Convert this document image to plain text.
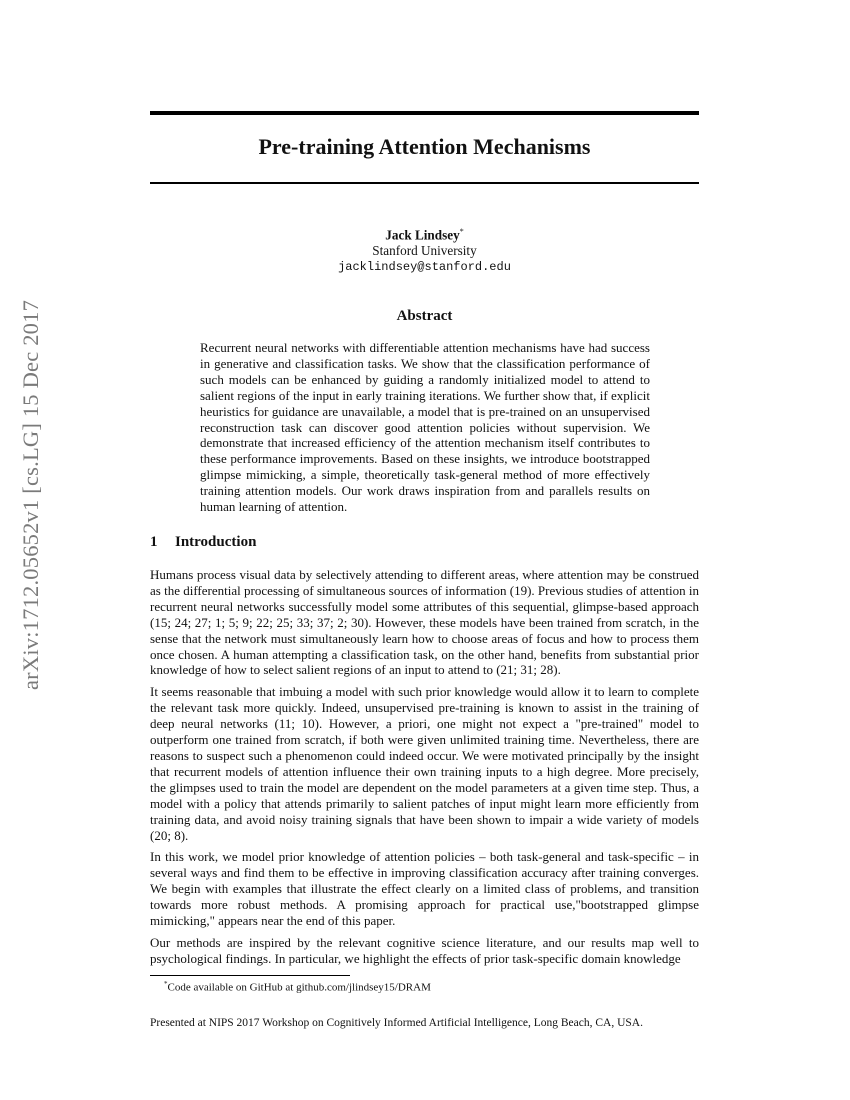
arXiv:1712.05652v1 [cs.LG] 15 Dec 2017
Pre-training Attention Mechanisms
Jack Lindsey*
Stanford University
jacklindsey@stanford.edu
Abstract

Recurrent neural networks with differentiable attention mechanisms have had success in generative and classification tasks. We show that the classification performance of such models can be enhanced by guiding a randomly initialized model to attend to salient regions of the input in early training iterations. We further show that, if explicit heuristics for guidance are unavailable, a model that is pre-trained on an unsupervised reconstruction task can discover good attention policies without supervision. We demonstrate that increased efficiency of the attention mechanism itself contributes to these performance improvements. Based on these insights, we introduce bootstrapped glimpse mimicking, a simple, theoretically task-general method of more effectively training attention models. Our work draws inspiration from and parallels results on human learning of attention.

1 Introduction

Humans process visual data by selectively attending to different areas, where attention may be construed as the differential processing of simultaneous sources of information (19). Previous studies of attention in recurrent neural networks successfully model some attributes of this sequential, glimpse-based approach (15; 24; 27; 1; 5; 9; 22; 25; 33; 37; 2; 30). However, these models have been trained from scratch, in the sense that the network must simultaneously learn how to choose areas of focus and how to process them once chosen. A human attempting a classification task, on the other hand, benefits from substantial prior knowledge of how to select salient regions of an input to attend to (21; 31; 28).

It seems reasonable that imbuing a model with such prior knowledge would allow it to learn to complete the relevant task more quickly. Indeed, unsupervised pre-training is known to assist in the training of deep neural networks (11; 10). However, a priori, one might not expect a "pre-trained" model to outperform one trained from scratch, if both were given unlimited training time. Nevertheless, there are reasons to suspect such a phenomenon could indeed occur. We were motivated principally by the insight that recurrent models of attention influence their own training inputs to a high degree. More precisely, the glimpses used to train the model are dependent on the model parameters at a given time step. Thus, a model with a policy that attends primarily to salient patches of input might learn more efficiently from training data, and avoid noisy training signals that have been shown to impair a wide variety of models (20; 8).

In this work, we model prior knowledge of attention policies – both task-general and task-specific – in several ways and find them to be effective in improving classification accuracy after training converges. We begin with examples that illustrate the effect clearly on a limited class of problems, and transition towards more robust methods. A promising approach for practical use,"bootstrapped glimpse mimicking," appears near the end of this paper.

Our methods are inspired by the relevant cognitive science literature, and our results map well to psychological findings. In particular, we highlight the effects of prior task-specific domain knowledge

*Code available on GitHub at github.com/jlindsey15/DRAM
Presented at NIPS 2017 Workshop on Cognitively Informed Artificial Intelligence, Long Beach, CA, USA.
